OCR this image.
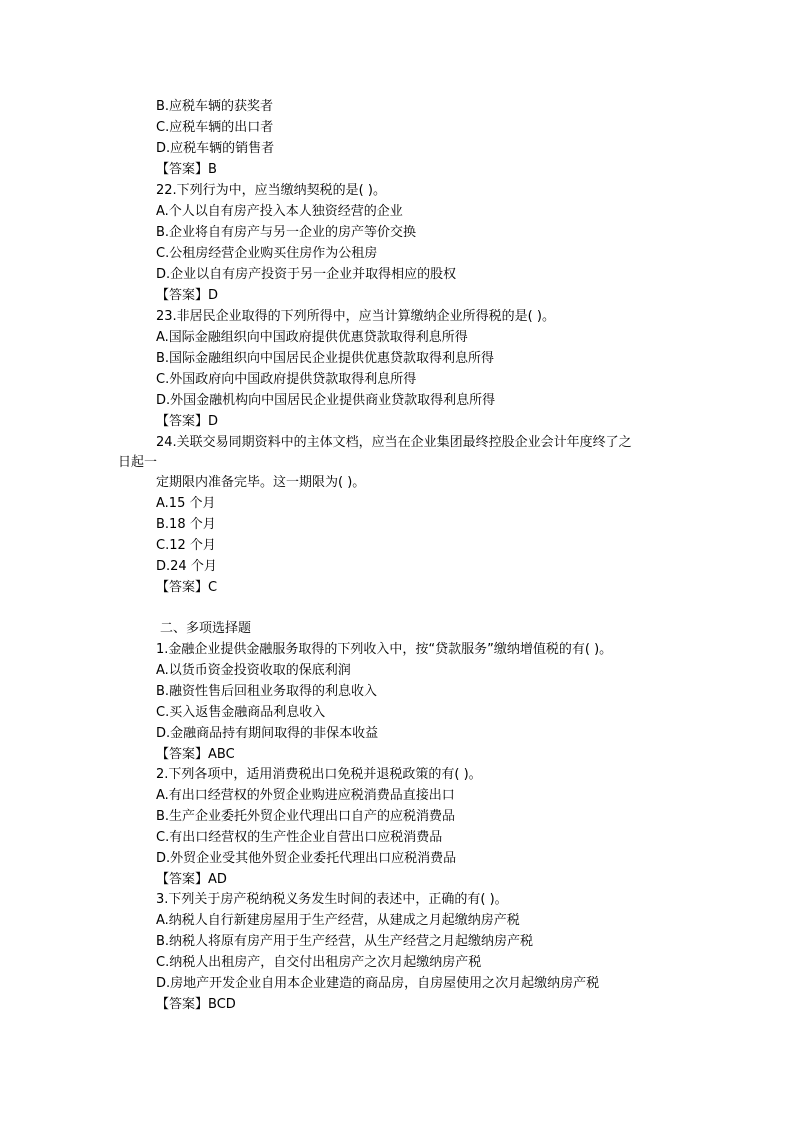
B.应税车辆的获奖者
C.应税车辆的出口者
D.应税车辆的销售者
【答案】B
22.下列行为中，应当缴纳契税的是( )。
A.个人以自有房产投入本人独资经营的企业
B.企业将自有房产与另一企业的房产等价交换
C.公租房经营企业购买住房作为公租房
D.企业以自有房产投资于另一企业并取得相应的股权
【答案】D
23.非居民企业取得的下列所得中，应当计算缴纳企业所得税的是( )。
A.国际金融组织向中国政府提供优惠贷款取得利息所得
B.国际金融组织向中国居民企业提供优惠贷款取得利息所得
C.外国政府向中国政府提供贷款取得利息所得
D.外国金融机构向中国居民企业提供商业贷款取得利息所得
【答案】D
24.关联交易同期资料中的主体文档，应当在企业集团最终控股企业会计年度终了之
日起一
定期限内准备完毕。这一期限为( )。
A.15 个月
B.18 个月
C.12 个月
D.24 个月
【答案】C
二、多项选择题
1.金融企业提供金融服务取得的下列收入中，按“贷款服务”缴纳增值税的有( )。
A.以货币资金投资收取的保底利润
B.融资性售后回租业务取得的利息收入
C.买入返售金融商品利息收入
D.金融商品持有期间取得的非保本收益
【答案】ABC
2.下列各项中，适用消费税出口免税并退税政策的有( )。
A.有出口经营权的外贸企业购进应税消费品直接出口
B.生产企业委托外贸企业代理出口自产的应税消费品
C.有出口经营权的生产性企业自营出口应税消费品
D.外贸企业受其他外贸企业委托代理出口应税消费品
【答案】AD
3.下列关于房产税纳税义务发生时间的表述中，正确的有( )。
A.纳税人自行新建房屋用于生产经营，从建成之月起缴纳房产税
B.纳税人将原有房产用于生产经营，从生产经营之月起缴纳房产税
C.纳税人出租房产，自交付出租房产之次月起缴纳房产税
D.房地产开发企业自用本企业建造的商品房，自房屋使用之次月起缴纳房产税
【答案】BCD
